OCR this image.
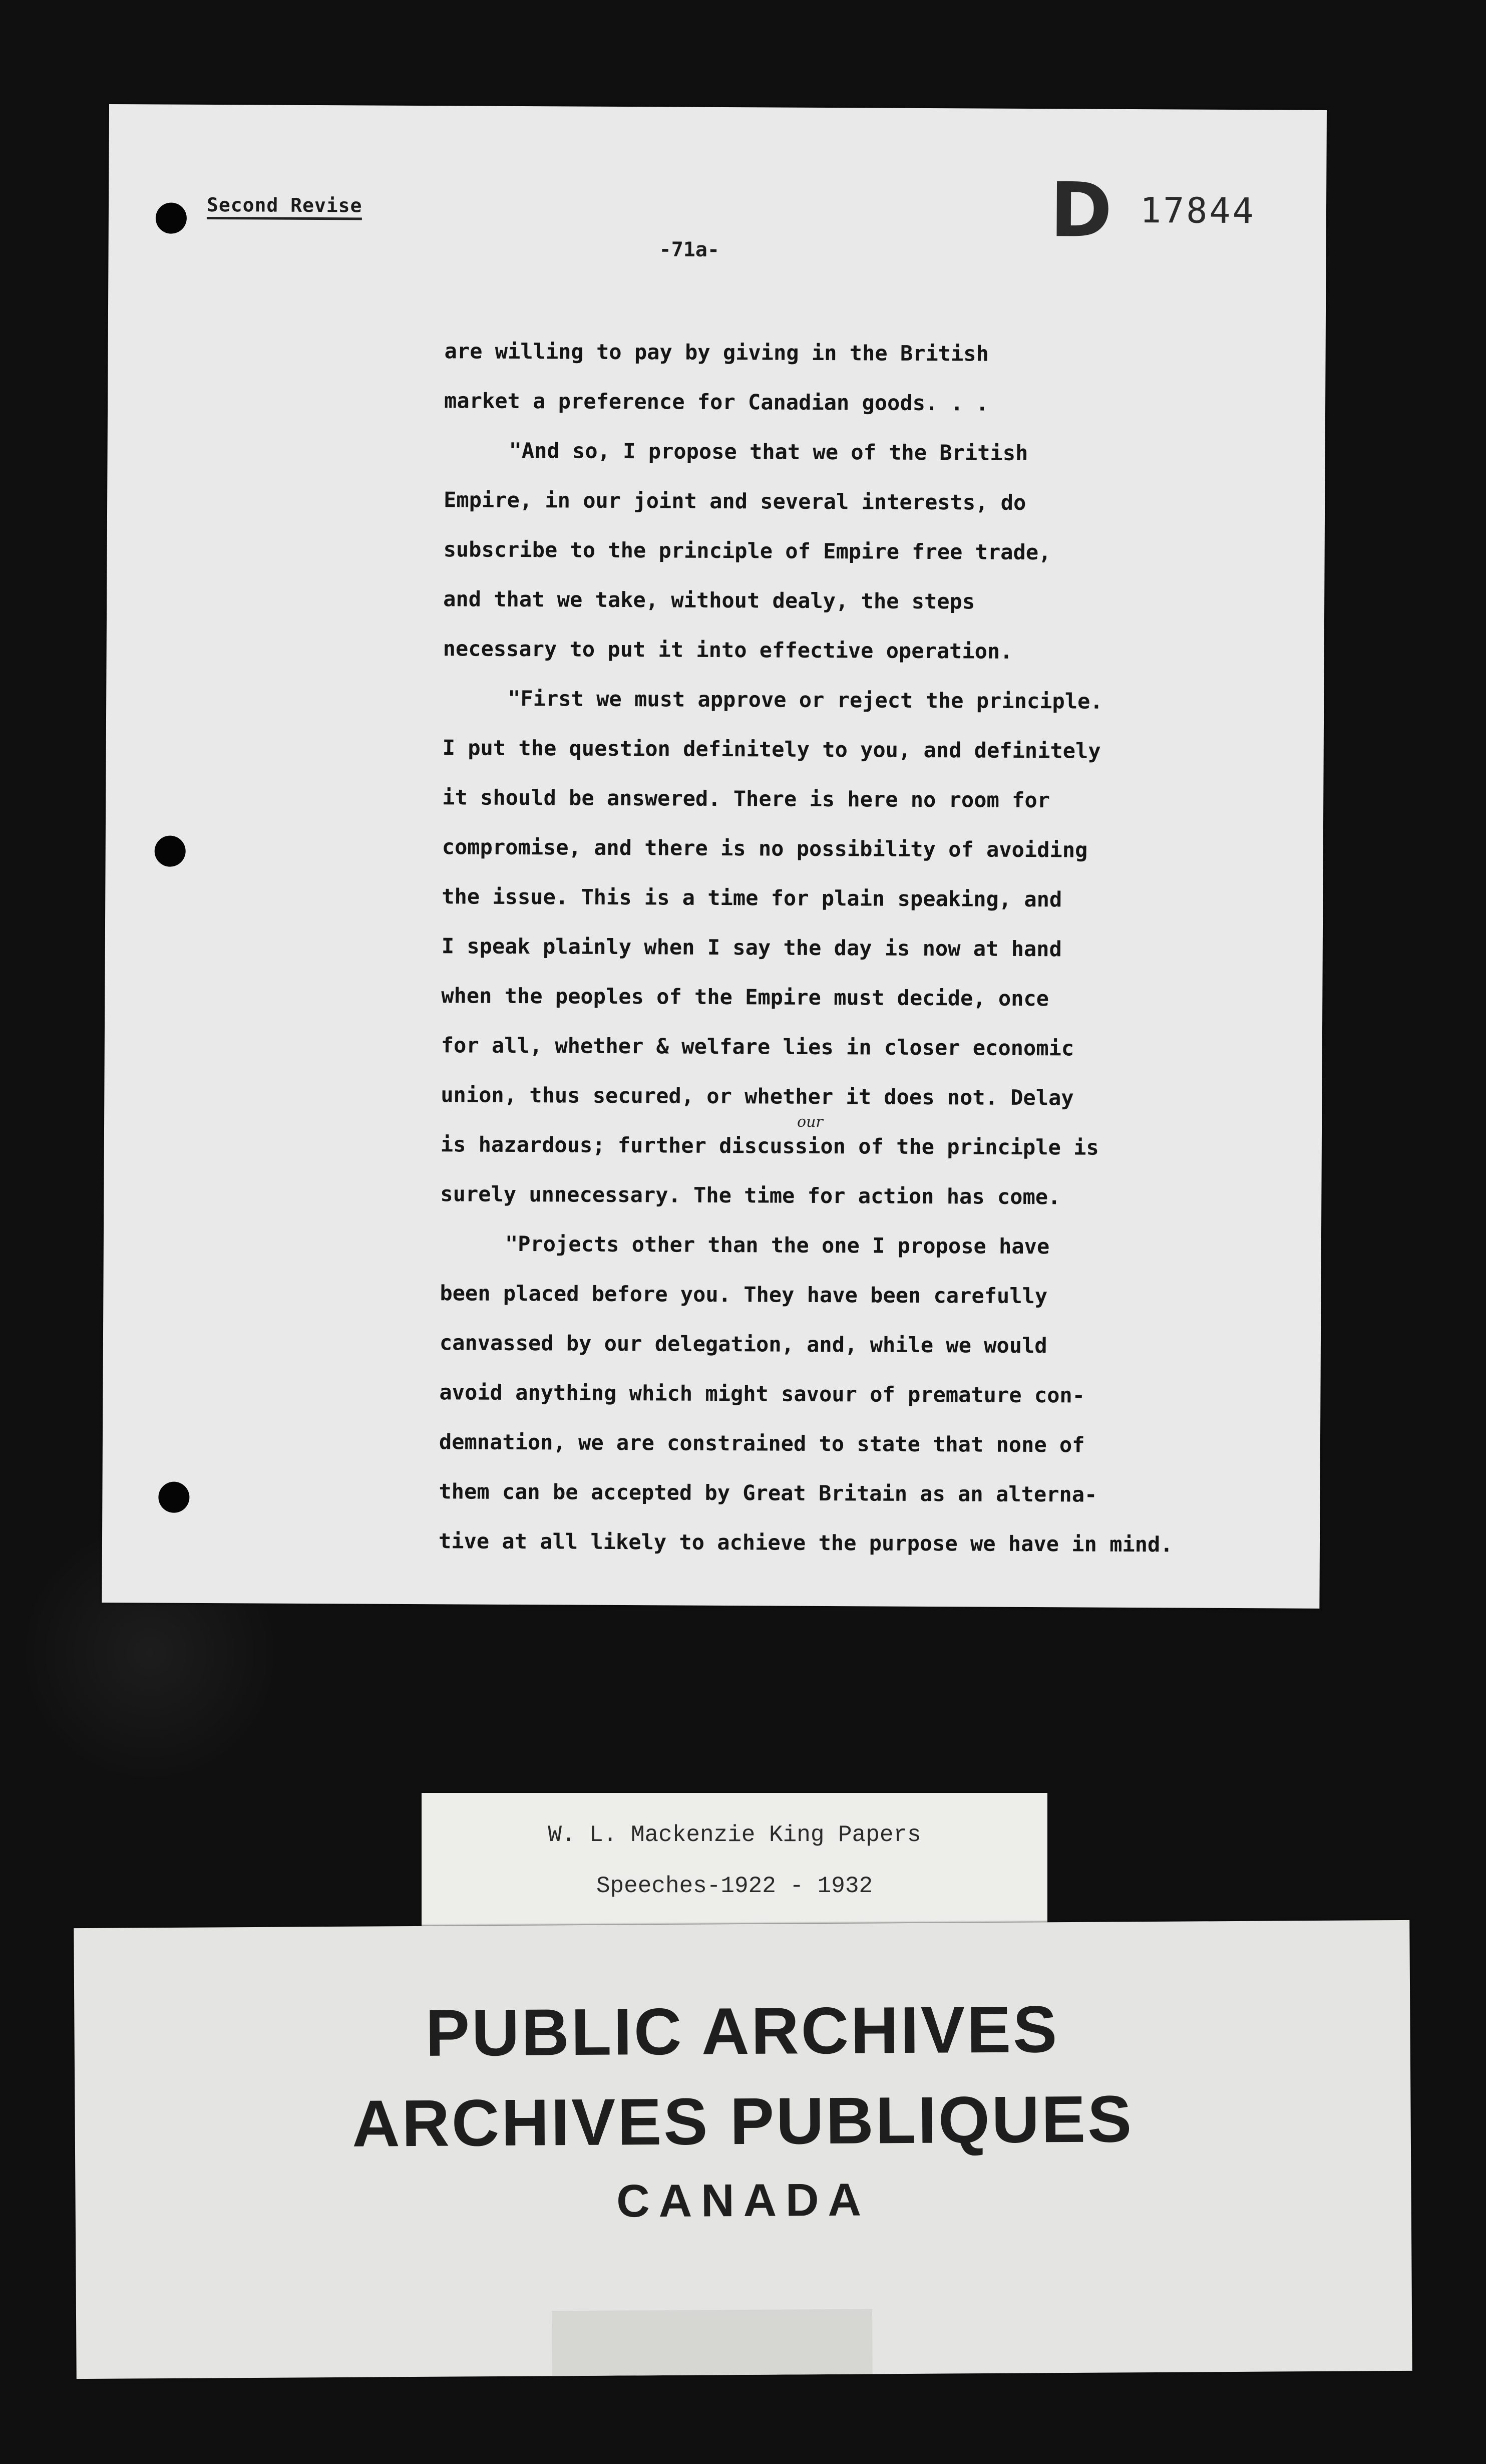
Second Revise	D 17844
-71a-
our
are willing to pay by giving in the British
market a preference for Canadian goods. . .
"And so, I propose that we of the British
Empire, in our joint and several interests, do
subscribe to the principle of Empire free trade,
and that we take, without dealy, the steps
necessary to put it into effective operation.
"First we must approve or reject the principle.
I put the question definitely to you, and definitely
it should be answered. There is here no room for
compromise, and there is no possibility of avoiding
the issue. This is a time for plain speaking, and
I speak plainly when I say the day is now at hand
when the peoples of the Empire must decide, once
for all, whether & welfare lies in closer economic
union, thus secured, or whether it does not. Delay
is hazardous; further discussion of the principle is
surely unnecessary. The time for action has come.
"Projects other than the one I propose have
been placed before you. They have been carefully
canvassed by our delegation, and, while we would
avoid anything which might savour of premature con-
demnation, we are constrained to state that none of
them can be accepted by Great Britain as an alterna-
tive at all likely to achieve the purpose we have in mind.
W. L. Mackenzie King Papers
Speeches-1922 - 1932
PUBLIC ARCHIVES
ARCHIVES PUBLIQUES
CANADA
